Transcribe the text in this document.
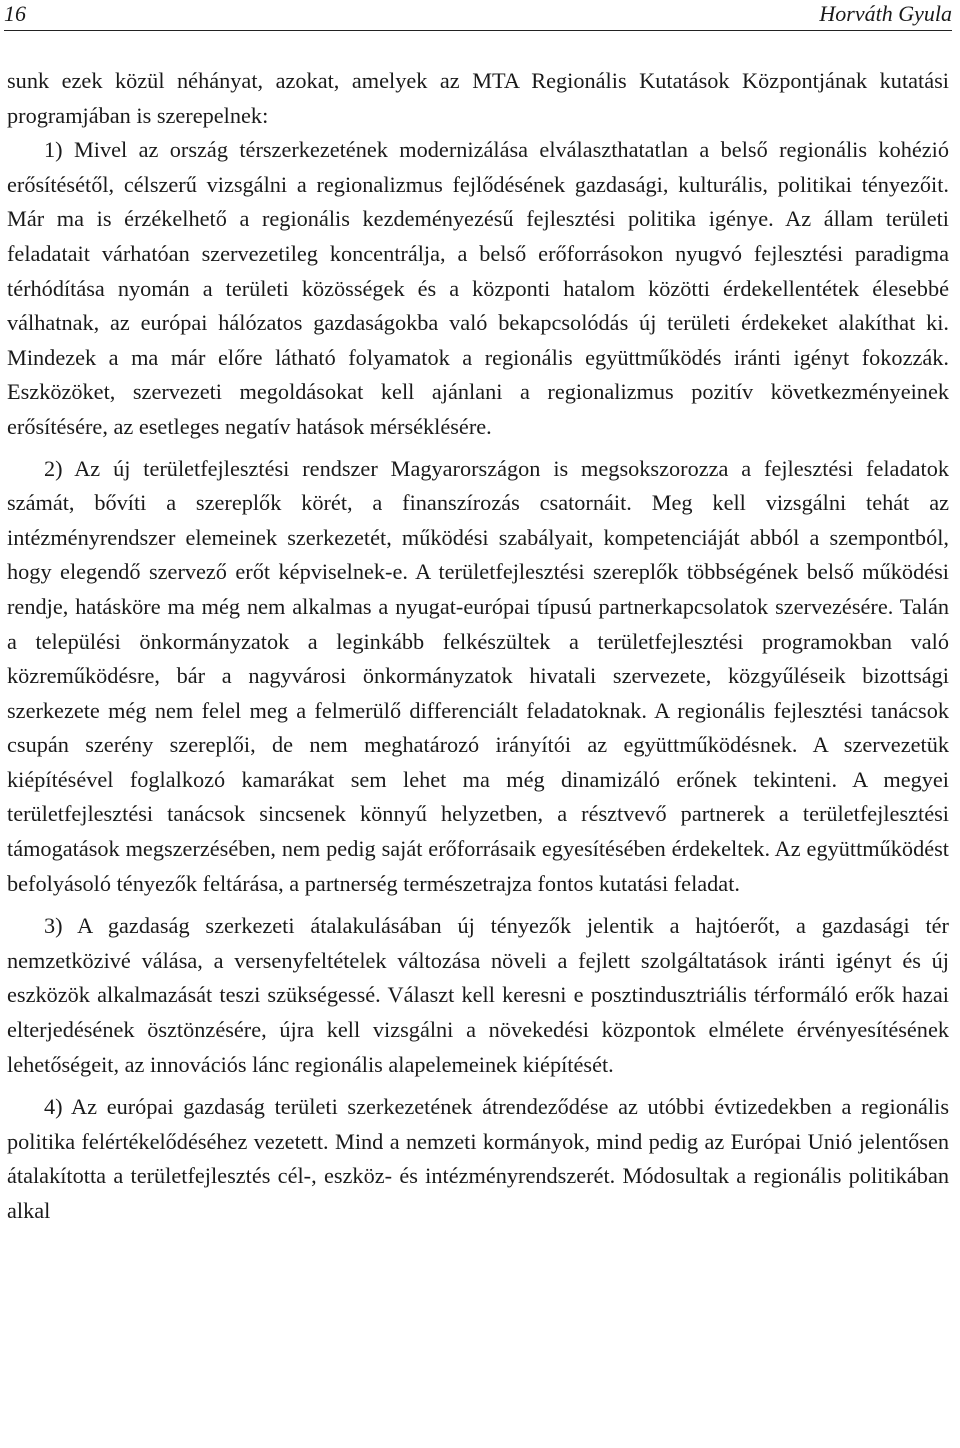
16	Horváth Gyula

sunk ezek közül néhányat, azokat, amelyek az MTA Regionális Kutatások Központjának kutatási programjában is szerepelnek:

1) Mivel az ország térszerkezetének modernizálása elválaszthatatlan a belső regionális kohézió erősítésétől, célszerű vizsgálni a regionalizmus fejlődésének gazdasági, kulturális, politikai tényezőit. Már ma is érzékelhető a regionális kezdeményezésű fejlesztési politika igénye. Az állam területi feladatait várhatóan szervezetileg koncentrálja, a belső erőforrásokon nyugvó fejlesztési paradigma térhódítása nyomán a területi közösségek és a központi hatalom közötti érdekellentétek élesebbé válhatnak, az európai hálózatos gazdaságokba való bekapcsolódás új területi érdekeket alakíthat ki. Mindezek a ma már előre látható folyamatok a regionális együttműködés iránti igényt fokozzák. Eszközöket, szervezeti megoldásokat kell ajánlani a regionalizmus pozitív következményeinek erősítésére, az esetleges negatív hatások mérséklésére.

2) Az új területfejlesztési rendszer Magyarországon is megsokszorozza a fejlesztési feladatok számát, bővíti a szereplők körét, a finanszírozás csatornáit. Meg kell vizsgálni tehát az intézményrendszer elemeinek szerkezetét, működési szabályait, kompetenciáját abból a szempontból, hogy elegendő szervező erőt képviselnek-e. A területfejlesztési szereplők többségének belső működési rendje, hatásköre ma még nem alkalmas a nyugat-európai típusú partnerkapcsolatok szervezésére. Talán a települési önkormányzatok a leginkább felkészültek a területfejlesztési programokban való közreműködésre, bár a nagyvárosi önkormányzatok hivatali szervezete, közgyűléseik bizottsági szerkezete még nem felel meg a felmerülő differenciált feladatoknak. A regionális fejlesztési tanácsok csupán szerény szereplői, de nem meghatározó irányítói az együttműködésnek. A szervezetük kiépítésével foglalkozó kamarákat sem lehet ma még dinamizáló erőnek tekinteni. A megyei területfejlesztési tanácsok sincsenek könnyű helyzetben, a résztvevő partnerek a területfejlesztési támogatások megszerzésében, nem pedig saját erőforrásaik egyesítésében érdekeltek. Az együttműködést befolyásoló tényezők feltárása, a partnerség természetrajza fontos kutatási feladat.

3) A gazdaság szerkezeti átalakulásában új tényezők jelentik a hajtóerőt, a gazdasági tér nemzetközivé válása, a versenyfeltételek változása növeli a fejlett szolgáltatások iránti igényt és új eszközök alkalmazását teszi szükségessé. Választ kell keresni e posztindusztriális térformáló erők hazai elterjedésének ösztönzésére, újra kell vizsgálni a növekedési központok elmélete érvényesítésének lehetőségeit, az innovációs lánc regionális alapelemeinek kiépítését.

4) Az európai gazdaság területi szerkezetének átrendeződése az utóbbi évtizedekben a regionális politika felértékelődéséhez vezetett. Mind a nemzeti kormányok, mind pedig az Európai Unió jelentősen átalakította a területfejlesztés cél-, eszköz- és intézményrendszerét. Módosultak a regionális politikában alkal
